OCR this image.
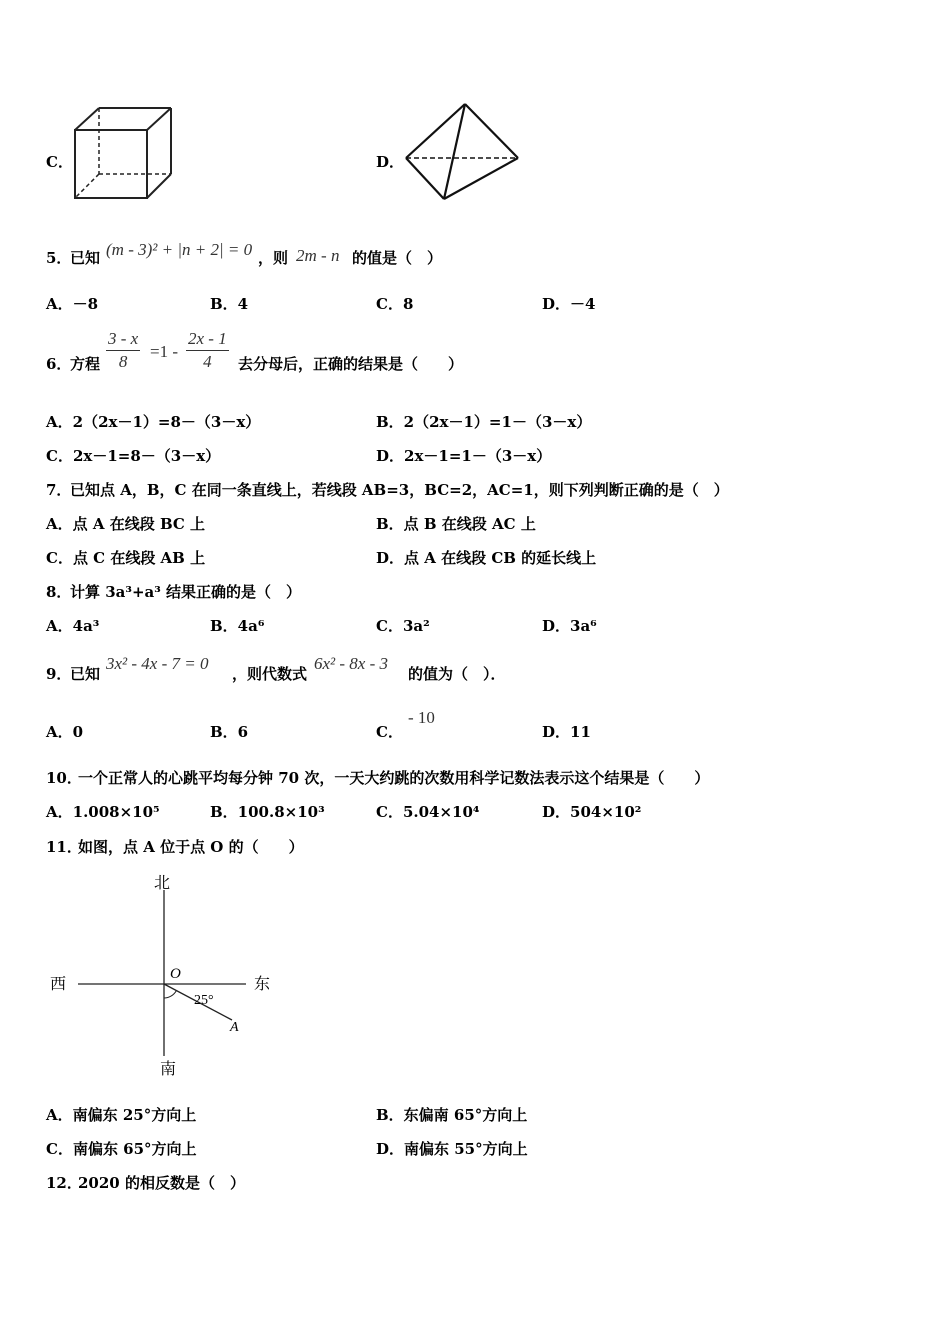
C．	D．
5．
已知 (m - 3)² + |n + 2| = 0 ，则 2m - n 的值是（　）
A．－8	B．4	C．8	D．－4
6．
方程 $\frac{3 - x}{8} =1 - \frac{2x - 1}{4}$ 去分母后，正确的结果是（　　）
A．2（2x－1）=8－（3－x）	B．2（2x－1）=1－（3－x）
C．2x－1=8－（3－x）	D．2x－1=1－（3－x）
7．
已知点 A，B，C 在同一条直线上，若线段 AB=3，BC=2，AC=1，则下列判断正确的是（　）
A．点 A 在线段 BC 上	B．点 B 在线段 AC 上
C．点 C 在线段 AB 上	D．点 A 在线段 CB 的延长线上
8．
计算 3a³+a³ 结果正确的是（　）
A．4a³	B．4a⁶	C．3a²	D．3a⁶
9．
已知
3x² - 4x - 7 = 0
，则代数式
6x² - 8x - 3
的值为（　）．
A．0	B．6	C．
- 10
D．11
10．
一个正常人的心跳平均每分钟 70 次，一天大约跳的次数用科学记数法表示这个结果是（　　）
A．1.008×10⁵	B．100.8×10³	C．5.04×10⁴	D．504×10²
11．
如图，点 A 位于点 O 的（　　）
北
南
西	东
O
A
25°
A．南偏东 25°方向上	B．东偏南 65°方向上
C．南偏东 65°方向上	D．南偏东 55°方向上
12．
2020 的相反数是（　）
